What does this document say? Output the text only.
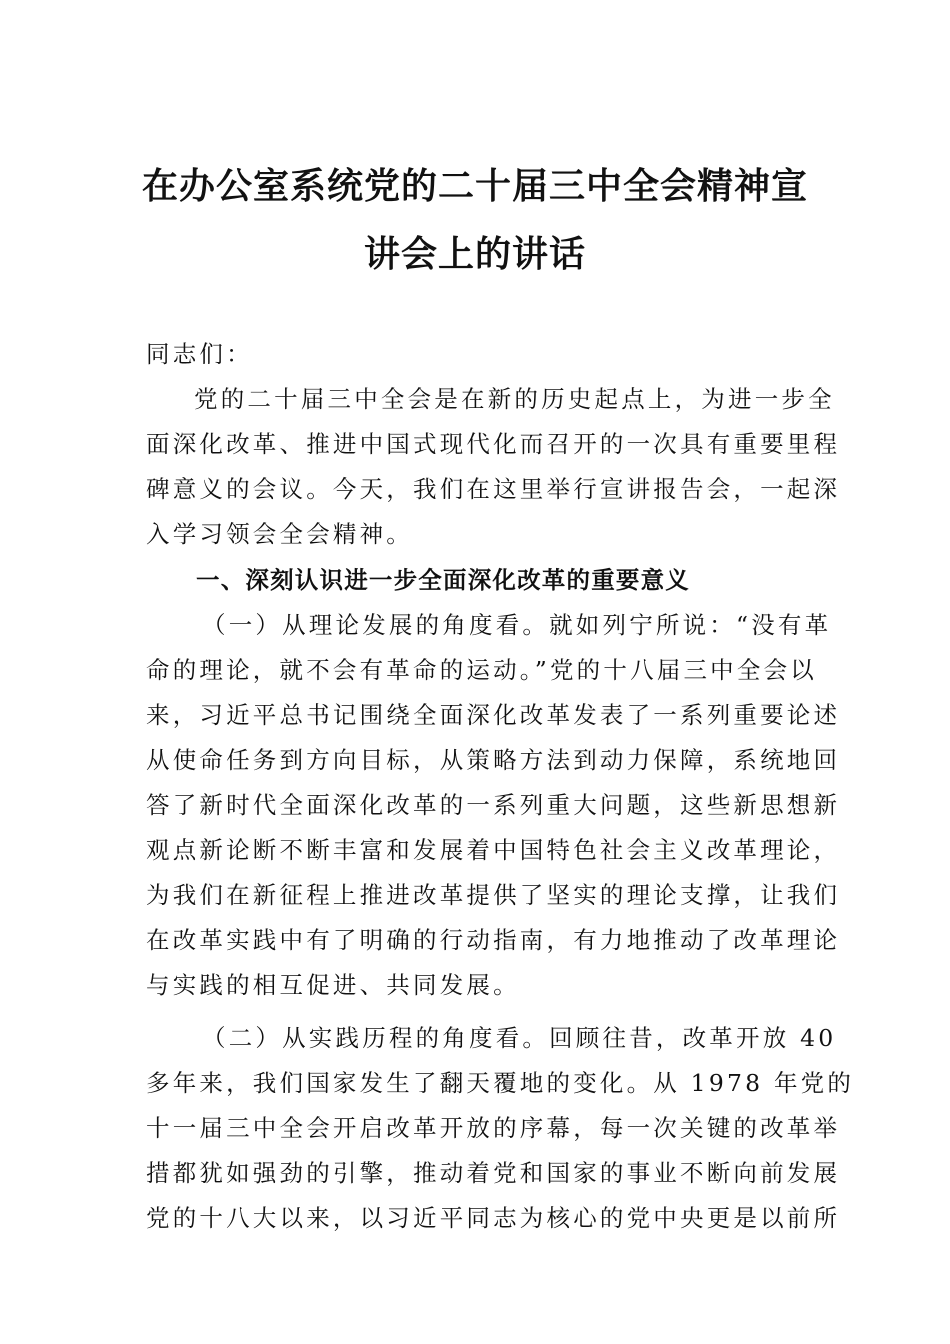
在办公室系统党的二十届三中全会精神宣
讲会上的讲话
同志们：
党的二十届三中全会是在新的历史起点上，为进一步全
面深化改革、推进中国式现代化而召开的一次具有重要里程
碑意义的会议。今天，我们在这里举行宣讲报告会，一起深
入学习领会全会精神。
一、深刻认识进一步全面深化改革的重要意义
（一）从理论发展的角度看。就如列宁所说：“没有革
命的理论，就不会有革命的运动。”党的十八届三中全会以
来，习近平总书记围绕全面深化改革发表了一系列重要论述
从使命任务到方向目标，从策略方法到动力保障，系统地回
答了新时代全面深化改革的一系列重大问题，这些新思想新
观点新论断不断丰富和发展着中国特色社会主义改革理论，
为我们在新征程上推进改革提供了坚实的理论支撑，让我们
在改革实践中有了明确的行动指南，有力地推动了改革理论
与实践的相互促进、共同发展。
（二）从实践历程的角度看。回顾往昔，改革开放 40
多年来，我们国家发生了翻天覆地的变化。从 1978 年党的
十一届三中全会开启改革开放的序幕，每一次关键的改革举
措都犹如强劲的引擎，推动着党和国家的事业不断向前发展
党的十八大以来，以习近平同志为核心的党中央更是以前所
